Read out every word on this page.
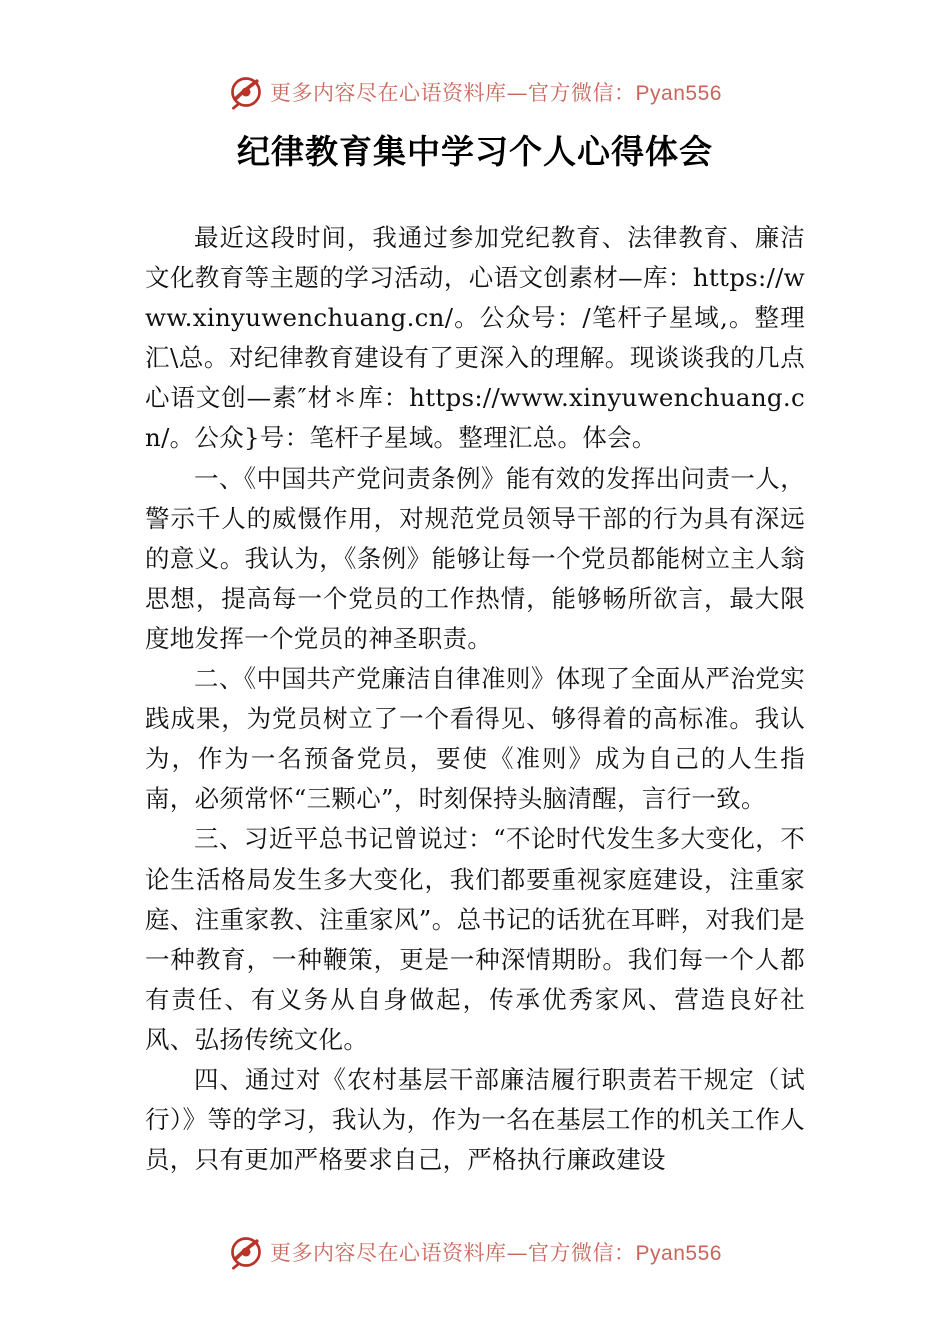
更多内容尽在心语资料库—官方微信：Pyan556
纪律教育集中学习个人心得体会

最近这段时间，我通过参加党纪教育、法律教育、廉洁文化教育等主题的学习活动，心语文创素材—库：https://www.xinyuwenchuang.cn/。公众号：/笔杆子星域,。整理汇\总。对纪律教育建设有了更深入的理解。现谈谈我的几点心语文创—素″材＊库：https://www.xinyuwenchuang.cn/。公众}号：笔杆子星域。整理汇总。体会。

一、《中国共产党问责条例》能有效的发挥出问责一人，警示千人的威慑作用，对规范党员领导干部的行为具有深远的意义。我认为，《条例》能够让每一个党员都能树立主人翁思想，提高每一个党员的工作热情，能够畅所欲言，最大限度地发挥一个党员的神圣职责。

二、《中国共产党廉洁自律准则》体现了全面从严治党实践成果，为党员树立了一个看得见、够得着的高标准。我认为，作为一名预备党员，要使《准则》成为自己的人生指南，必须常怀“三颗心”，时刻保持头脑清醒，言行一致。

三、习近平总书记曾说过：“不论时代发生多大变化，不论生活格局发生多大变化，我们都要重视家庭建设，注重家庭、注重家教、注重家风”。总书记的话犹在耳畔，对我们是一种教育，一种鞭策，更是一种深情期盼。我们每一个人都有责任、有义务从自身做起，传承优秀家风、营造良好社风、弘扬传统文化。

四、通过对《农村基层干部廉洁履行职责若干规定（试行）》等的学习，我认为，作为一名在基层工作的机关工作人员，只有更加严格要求自己，严格执行廉政建设

更多内容尽在心语资料库—官方微信：Pyan556
